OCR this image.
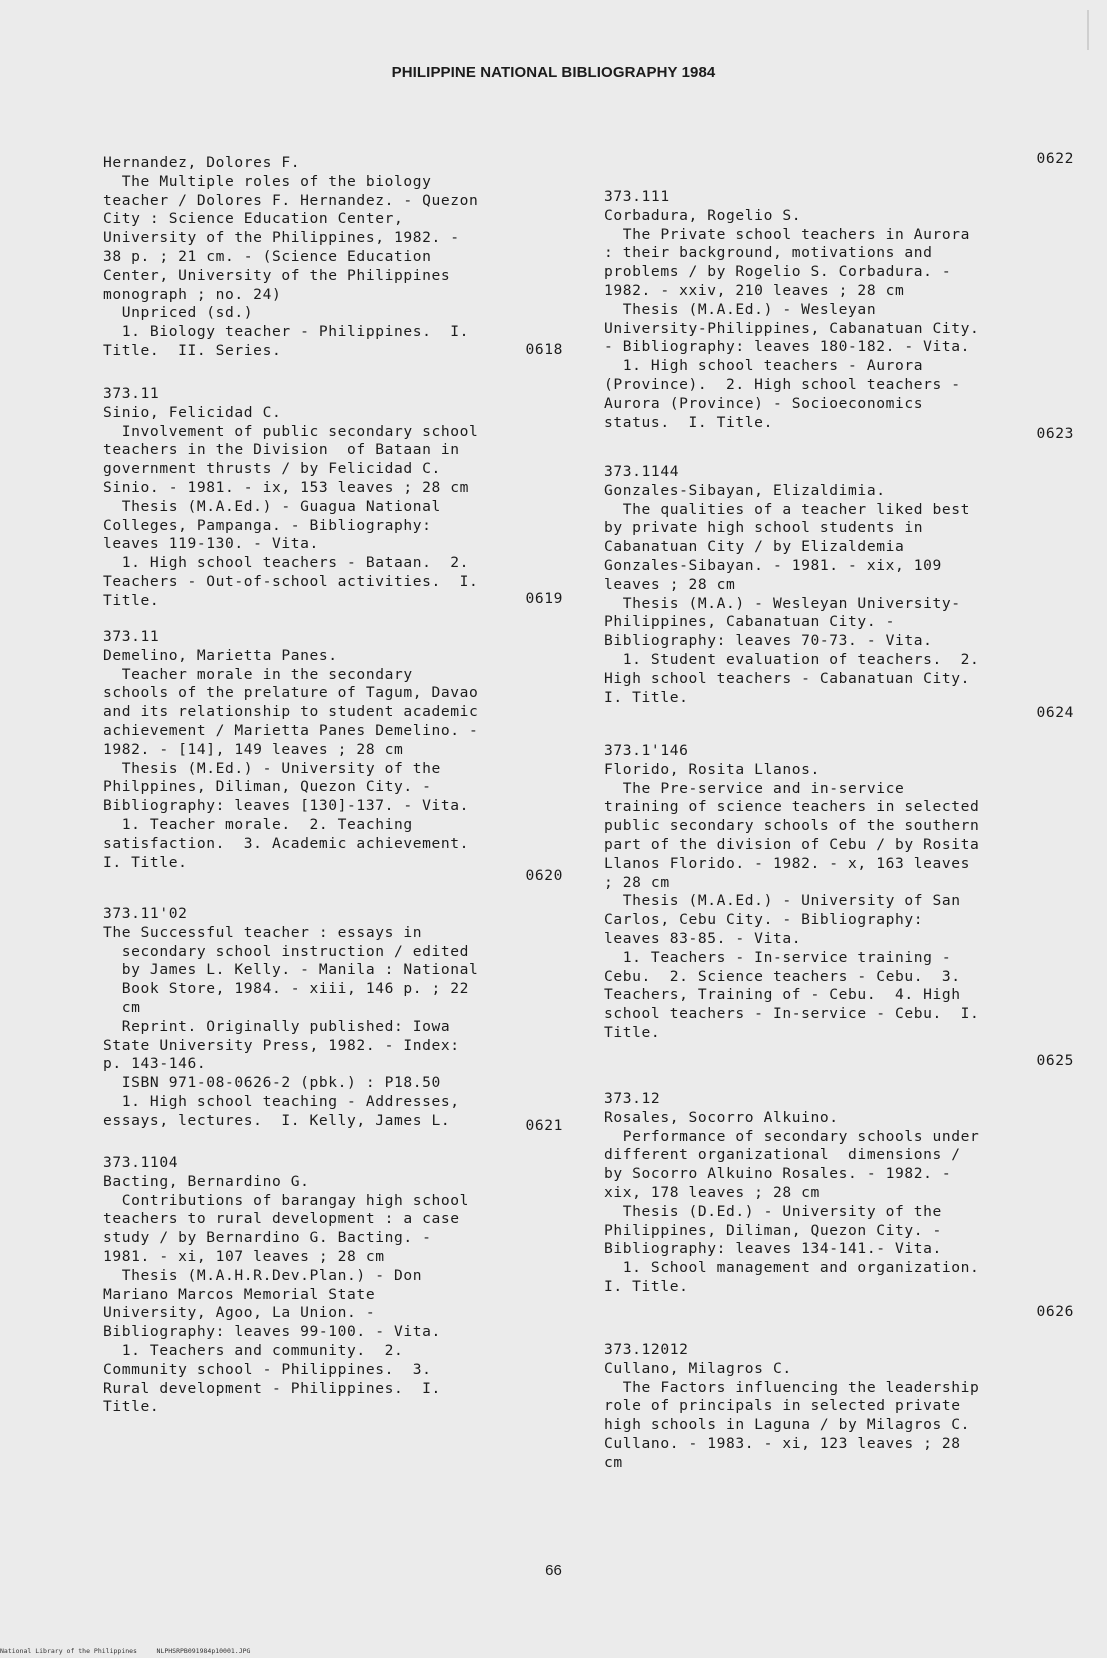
PHILIPPINE NATIONAL BIBLIOGRAPHY 1984
Hernandez, Dolores F.
The Multiple roles of the biology
teacher / Dolores F. Hernandez. - Quezon
City : Science Education Center,
University of the Philippines, 1982. -
38 p. ; 21 cm. - (Science Education
Center, University of the Philippines
monograph ; no. 24)
Unpriced (sd.)
1. Biology teacher - Philippines.  I.
Title.  II. Series.	0618
373.11
Sinio, Felicidad C.
Involvement of public secondary school
teachers in the Division  of Bataan in
government thrusts / by Felicidad C.
Sinio. - 1981. - ix, 153 leaves ; 28 cm
Thesis (M.A.Ed.) - Guagua National
Colleges, Pampanga. - Bibliography:
leaves 119-130. - Vita.
1. High school teachers - Bataan.  2.
Teachers - Out-of-school activities.  I.
Title.	0619
373.11
Demelino, Marietta Panes.
Teacher morale in the secondary
schools of the prelature of Tagum, Davao
and its relationship to student academic
achievement / Marietta Panes Demelino. -
1982. - [14], 149 leaves ; 28 cm
Thesis (M.Ed.) - University of the
Philppines, Diliman, Quezon City. -
Bibliography: leaves [130]-137. - Vita.
1. Teacher morale.  2. Teaching
satisfaction.  3. Academic achievement.
I. Title.
0620
373.11'02
The Successful teacher : essays in
secondary school instruction / edited
by James L. Kelly. - Manila : National
Book Store, 1984. - xiii, 146 p. ; 22
cm
Reprint. Originally published: Iowa
State University Press, 1982. - Index:
p. 143-146.
ISBN 971-08-0626-2 (pbk.) : P18.50
1. High school teaching - Addresses,
essays, lectures.  I. Kelly, James L.	0621
373.1104
Bacting, Bernardino G.
Contributions of barangay high school
teachers to rural development : a case
study / by Bernardino G. Bacting. -
1981. - xi, 107 leaves ; 28 cm
Thesis (M.A.H.R.Dev.Plan.) - Don
Mariano Marcos Memorial State
University, Agoo, La Union. -
Bibliography: leaves 99-100. - Vita.
1. Teachers and community.  2.
Community school - Philippines.  3.
Rural development - Philippines.  I.
Title.
0622
373.111
Corbadura, Rogelio S.
The Private school teachers in Aurora
: their background, motivations and
problems / by Rogelio S. Corbadura. -
1982. - xxiv, 210 leaves ; 28 cm
Thesis (M.A.Ed.) - Wesleyan
University-Philippines, Cabanatuan City.
- Bibliography: leaves 180-182. - Vita.
1. High school teachers - Aurora
(Province).  2. High school teachers -
Aurora (Province) - Socioeconomics
status.  I. Title.
0623
373.1144
Gonzales-Sibayan, Elizaldimia.
The qualities of a teacher liked best
by private high school students in
Cabanatuan City / by Elizaldemia
Gonzales-Sibayan. - 1981. - xix, 109
leaves ; 28 cm
Thesis (M.A.) - Wesleyan University-
Philippines, Cabanatuan City. -
Bibliography: leaves 70-73. - Vita.
1. Student evaluation of teachers.  2.
High school teachers - Cabanatuan City.
I. Title.
0624
373.1'146
Florido, Rosita Llanos.
The Pre-service and in-service
training of science teachers in selected
public secondary schools of the southern
part of the division of Cebu / by Rosita
Llanos Florido. - 1982. - x, 163 leaves
; 28 cm
Thesis (M.A.Ed.) - University of San
Carlos, Cebu City. - Bibliography:
leaves 83-85. - Vita.
1. Teachers - In-service training -
Cebu.  2. Science teachers - Cebu.  3.
Teachers, Training of - Cebu.  4. High
school teachers - In-service - Cebu.  I.
Title.
0625
373.12
Rosales, Socorro Alkuino.
Performance of secondary schools under
different organizational  dimensions /
by Socorro Alkuino Rosales. - 1982. -
xix, 178 leaves ; 28 cm
Thesis (D.Ed.) - University of the
Philippines, Diliman, Quezon City. -
Bibliography: leaves 134-141.- Vita.
1. School management and organization.
I. Title.
0626
373.12012
Cullano, Milagros C.
The Factors influencing the leadership
role of principals in selected private
high schools in Laguna / by Milagros C.
Cullano. - 1983. - xi, 123 leaves ; 28
cm
66
National Library of the Philippines     NLPHSRPB091984p10001.JPG
